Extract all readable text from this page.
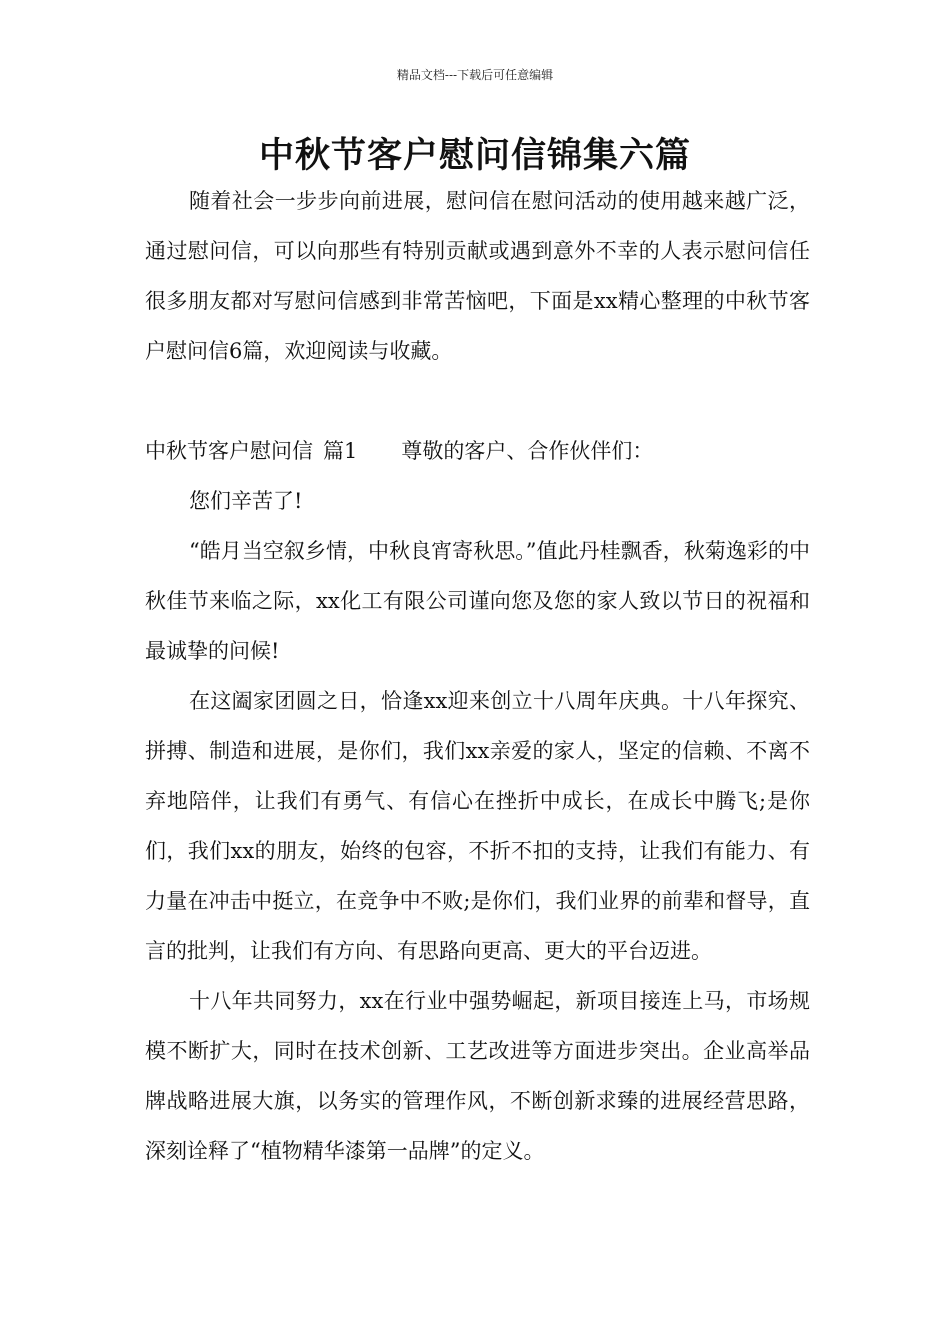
精品文档---下载后可任意编辑
中秋节客户慰问信锦集六篇

随着社会一步步向前进展，慰问信在慰问活动的使用越来越广泛，通过慰问信，可以向那些有特别贡献或遇到意外不幸的人表示慰问信任很多朋友都对写慰问信感到非常苦恼吧，下面是xx精心整理的中秋节客户慰问信6篇，欢迎阅读与收藏。

中秋节客户慰问信 篇1 尊敬的客户、合作伙伴们：

您们辛苦了!

“皓月当空叙乡情，中秋良宵寄秋思。”值此丹桂飘香，秋菊逸彩的中秋佳节来临之际，xx化工有限公司谨向您及您的家人致以节日的祝福和最诚挚的问候!

在这阖家团圆之日，恰逢xx迎来创立十八周年庆典。十八年探究、拼搏、制造和进展，是你们，我们xx亲爱的家人，坚定的信赖、不离不弃地陪伴，让我们有勇气、有信心在挫折中成长，在成长中腾飞;是你们，我们xx的朋友，始终的包容，不折不扣的支持，让我们有能力、有力量在冲击中挺立，在竞争中不败;是你们，我们业界的前辈和督导，直言的批判，让我们有方向、有思路向更高、更大的平台迈进。

十八年共同努力，xx在行业中强势崛起，新项目接连上马，市场规模不断扩大，同时在技术创新、工艺改进等方面进步突出。企业高举品牌战略进展大旗，以务实的管理作风，不断创新求臻的进展经营思路，深刻诠释了“植物精华漆第一品牌”的定义。
